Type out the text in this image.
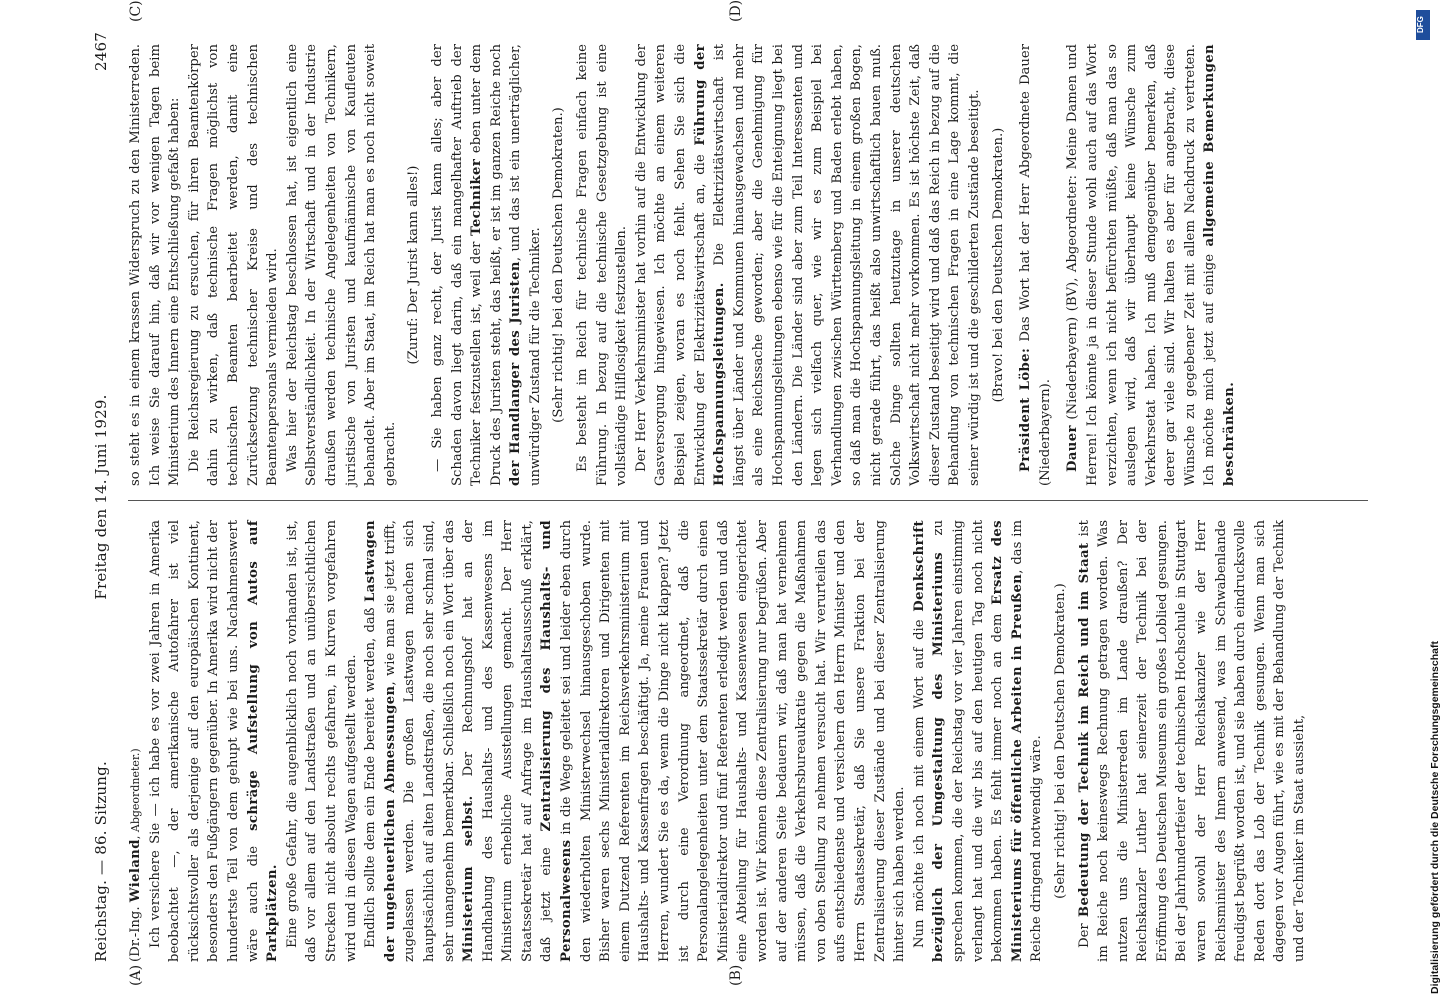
Reichstag. — 86. Sitzung.
Freitag den 14. Juni 1929.
2467
(A)	(B)
(C)	(D)

(Dr.-Ing. Wieland, Abgeordneter.) Ich versichere Sie — ich habe es vor zwei Jahren in Amerika beobachtet —, der amerikanische Autofahrer ist viel rücksichtsvoller als derjenige auf den europäischen Kontinent, besonders den Fußgängern gegenüber. In Amerika wird nicht der hundertste Teil von dem gehupt wie bei uns. Nachahmenswert wäre auch die schräge Aufstellung von Autos auf Parkplätzen. Eine große Gefahr, die augenblicklich noch vorhanden ist, ist, daß vor allem auf den Landstraßen und an unübersichtlichen Strecken nicht absolut rechts gefahren, in Kurven vorgefahren wird und in diesen Wagen aufgestellt werden. Endlich sollte dem ein Ende bereitet werden, daß Lastwagen der ungeheuerlichen Abmessungen, wie man sie jetzt trifft, zugelassen werden. Die großen Lastwagen machen sich hauptsächlich auf alten Landstraßen, die noch sehr schmal sind, sehr unangenehm bemerkbar. Schließlich noch ein Wort über das Ministerium selbst. Der Rechnungshof hat an der Handhabung des Haushalts- und des Kassenwesens im Ministerium erhebliche Ausstellungen gemacht. Der Herr Staatssekretär hat auf Anfrage im Haushaltsausschuß erklärt, daß jetzt eine Zentralisierung des Haushalts- und Personalwesens in die Wege geleitet sei und leider eben durch den wiederholten Ministerwechsel hinausgeschoben wurde. Bisher waren sechs Ministerialdirektoren und Dirigenten mit einem Dutzend Referenten im Reichsverkehrsministerium mit Haushalts- und Kassenfragen beschäftigt. Ja, meine Frauen und Herren, wundert Sie es da, wenn die Dinge nicht klappen? Jetzt ist durch eine Verordnung angeordnet, daß die Personalangelegenheiten unter dem Staatssekretär durch einen Ministerialdirektor und fünf Referenten erledigt werden und daß eine Abteilung für Haushalts- und Kassenwesen eingerichtet worden ist. Wir können diese Zentralisierung nur begrüßen. Aber auf der anderen Seite bedauern wir, daß man hat vernehmen müssen, daß die Verkehrsbureaukratie gegen die Maßnahmen von oben Stellung zu nehmen versucht hat. Wir verurteilen das aufs entschiedenste und versichern den Herrn Minister und den Herrn Staatssekretär, daß Sie unsere Fraktion bei der Zentralisierung dieser Zustände und bei dieser Zentralisierung hinter sich haben werden. Nun möchte ich noch mit einem Wort auf die Denkschrift bezüglich der Umgestaltung des Ministeriums zu sprechen kommen, die der Reichstag vor vier Jahren einstimmig verlangt hat und die wir bis auf den heutigen Tag noch nicht bekommen haben. Es fehlt immer noch an dem Ersatz des Ministeriums für öffentliche Arbeiten in Preußen, das im Reiche dringend notwendig wäre. (Sehr richtig! bei den Deutschen Demokraten.)

Der Bedeutung der Technik im Reich und im Staat ist im Reiche noch keineswegs Rechnung getragen worden. Was nutzen uns die Ministerreden im Lande draußen? Der Reichskanzler Luther hat seinerzeit der Technik bei der Eröffnung des Deutschen Museums ein großes Loblied gesungen. Bei der Jahrhundertfeier der technischen Hochschule in Stuttgart waren sowohl der Herr Reichskanzler wie der Herr Reichsminister des Innern anwesend, was im Schwabenlande freudigst begrüßt worden ist, und sie haben durch eindrucksvolle Reden dort das Lob der Technik gesungen. Wenn man sich dagegen vor Augen führt, wie es mit der Behandlung der Technik und der Techniker im Staat aussieht,

so steht es in einem krassen Widerspruch zu den Ministerreden. Ich weise Sie darauf hin, daß wir vor wenigen Tagen beim Ministerium des Innern eine Entschließung gefaßt haben: Die Reichsregierung zu ersuchen, für ihren Beamtenkörper dahin zu wirken, daß technische Fragen möglichst von technischen Beamten bearbeitet werden, damit eine Zurücksetzung technischer Kreise und des technischen Beamtenpersonals vermieden wird. Was hier der Reichstag beschlossen hat, ist eigentlich eine Selbstverständlichkeit. In der Wirtschaft und in der Industrie draußen werden technische Angelegenheiten von Technikern, juristische von Juristen und kaufmännische von Kaufleuten behandelt. Aber im Staat, im Reich hat man es noch nicht soweit gebracht.

(Zuruf: Der Jurist kann alles!) — Sie haben ganz recht, der Jurist kann alles; aber der Schaden davon liegt darin, daß ein mangelhafter Auftrieb der Techniker festzustellen ist, weil der Techniker eben unter dem Druck des Juristen steht, das heißt, er ist im ganzen Reiche noch der Handlanger des Juristen, und das ist ein unerträglicher, unwürdiger Zustand für die Techniker. (Sehr richtig! bei den Deutschen Demokraten.) Es besteht im Reich für technische Fragen einfach keine Führung. In bezug auf die technische Gesetzgebung ist eine vollständige Hilflosigkeit festzustellen. Der Herr Verkehrsminister hat vorhin auf die Entwicklung der Gasversorgung hingewiesen. Ich möchte an einem weiteren Beispiel zeigen, woran es noch fehlt. Sehen Sie sich die Entwicklung der Elektrizitätswirtschaft an, die Führung der Hochspannungsleitungen. Die Elektrizitätswirtschaft ist längst über Länder und Kommunen hinausgewachsen und mehr als eine Reichssache geworden; aber die Genehmigung für Hochspannungsleitungen ebenso wie für die Enteignung liegt bei den Ländern. Die Länder sind aber zum Teil Interessenten und legen sich vielfach quer, wie wir es zum Beispiel bei Verhandlungen zwischen Württemberg und Baden erlebt haben, so daß man die Hochspannungsleitung in einem großen Bogen, nicht gerade führt, das heißt also unwirtschaftlich bauen muß. Solche Dinge sollten heutzutage in unserer deutschen Volkswirtschaft nicht mehr vorkommen. Es ist höchste Zeit, daß dieser Zustand beseitigt wird und daß das Reich in bezug auf die Behandlung von technischen Fragen in eine Lage kommt, die seiner würdig ist und die geschilderten Zustände beseitigt. (Bravo! bei den Deutschen Demokraten.)

Präsident Löbe: Das Wort hat der Herr Abgeordnete Dauer (Niederbayern). Dauer (Niederbayern) (BV), Abgeordneter: Meine Damen und Herren! Ich könnte ja in dieser Stunde wohl auch auf das Wort verzichten, wenn ich nicht befürchten müßte, daß man das so auslegen wird, daß wir überhaupt keine Wünsche zum Verkehrsetat haben. Ich muß demgegenüber bemerken, daß derer gar viele sind. Wir halten es aber für angebracht, diese Wünsche zu gegebener Zeit mit allem Nachdruck zu vertreten. Ich möchte mich jetzt auf einige allgemeine Bemerkungen beschränken.

DFG
Digitalisierung gefördert durch die Deutsche Forschungsgemeinschaft
